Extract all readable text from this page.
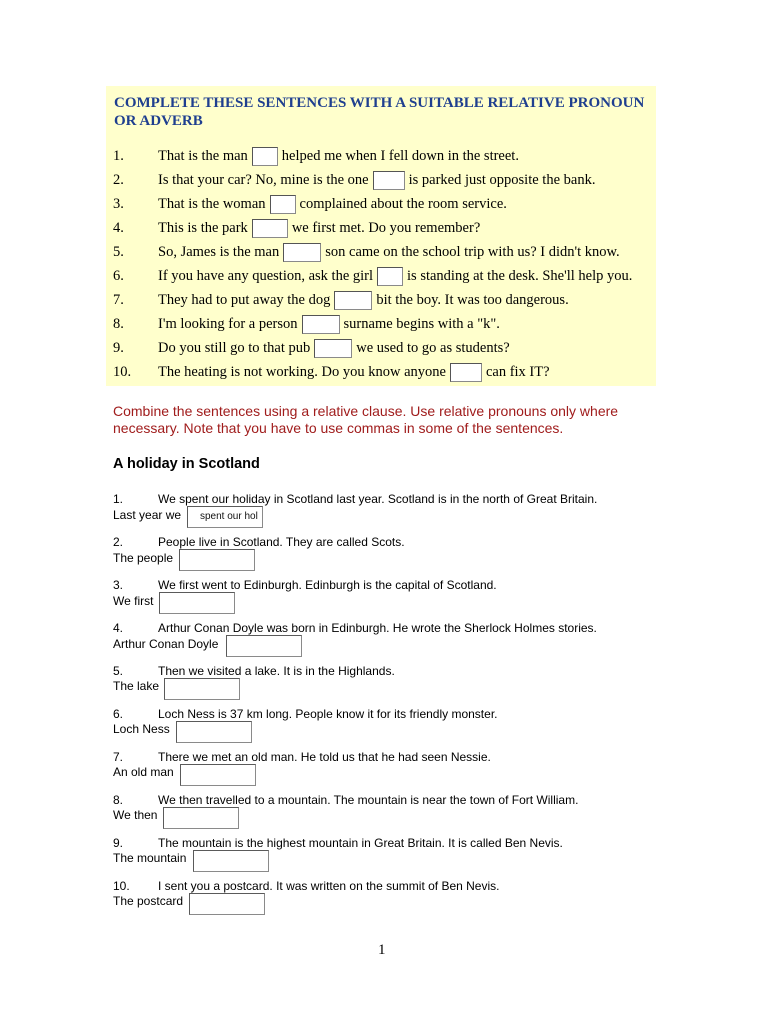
COMPLETE THESE SENTENCES WITH A SUITABLE RELATIVE PRONOUN OR ADVERB
1. That is the man helped me when I fell down in the street.
2. Is that your car? No, mine is the one	is parked just opposite the bank.
3. That is the woman complained about the room service.
4. This is the park	we first met. Do you remember?
5. So, James is the man	son came on the school trip with us? I didn't know.
6. If you have any question, ask the girl is standing at the desk. She'll help you.
7. They had to put away the dog	bit the boy. It was too dangerous.
8. I'm looking for a person	surname begins with a "k".
9. Do you still go to that pub	we used to go as students?
10. The heating is not working. Do you know anyone	can fix IT?

Combine the sentences using a relative clause. Use relative pronouns only where necessary. Note that you have to use commas in some of the sentences.

A holiday in Scotland
1.	We spent our holiday in Scotland last year. Scotland is in the north of Great Britain.
Last year we	spent our hol
2.	People live in Scotland. They are called Scots.
The people
3.	We first went to Edinburgh. Edinburgh is the capital of Scotland.
We first
4.	Arthur Conan Doyle was born in Edinburgh. He wrote the Sherlock Holmes stories.
Arthur Conan Doyle
5.	Then we visited a lake. It is in the Highlands.
The lake
6.	Loch Ness is 37 km long. People know it for its friendly monster.
Loch Ness
7.	There we met an old man. He told us that he had seen Nessie.
An old man
8.	We then travelled to a mountain. The mountain is near the town of Fort William.
We then
9.	The mountain is the highest mountain in Great Britain. It is called Ben Nevis.
The mountain
10. I sent you a postcard. It was written on the summit of Ben Nevis.
The postcard
1
